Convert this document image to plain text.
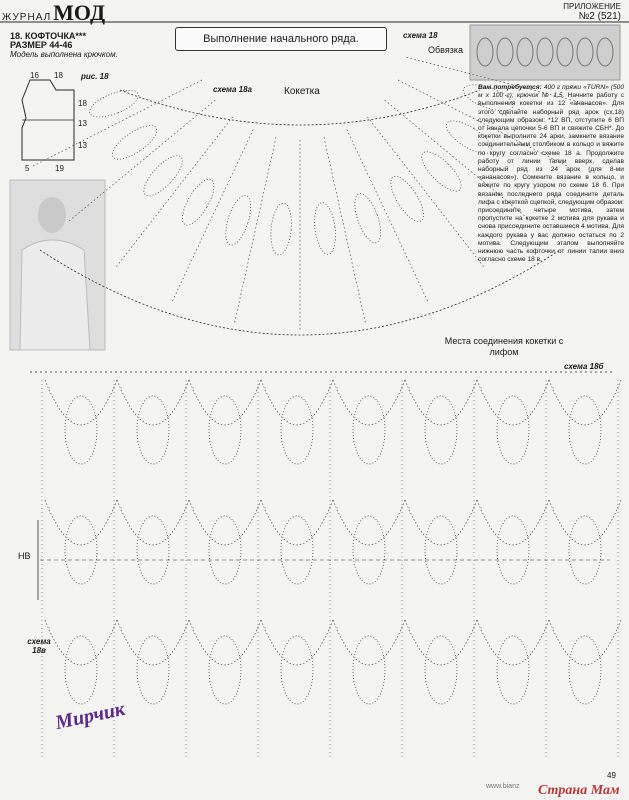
ЖУРНАЛМОД	ПРИЛОЖЕНИЕ
№2 (521)
18. КОФТОЧКА***
РАЗМЕР 44-46
Модель выполнена крючком.
рис. 18
16 18
18
13
13
5	19
Выполнение начального ряда.	схема 18
Обвязка
схема 18а	Кокетка
Места соединения кокетки с лифом
схема 18б
схема 18в
НВ
Вам потребуется: 400 г пряжи «TURN» (500 м х 100 г); крючок № 1,5. Начните работу с выполнения кокетки из 12 «ананасов». Для этого сделайте наборный ряд арок (сх.18) следующим образом: *12 ВП, отступите 6 ВП от начала цепочки 5-6 ВП и свяжите СБН*. До кокетки выполните 24 арки, замкните вязание соединительным столбиком в кольцо и вяжите по кругу согласно схеме 18 а. Продолжите работу от линии талии вверх, сделав наборный ряд из 24 арок (для 8-ми «ананасов»). Сомкните вязание в кольцо, и вяжите по кругу узором по схеме 18 б. При вязании последнего ряда соедините деталь лифа с кокеткой сцепкой, следующим образом: присоедините четыре мотива, затем пропустите на кокетке 2 мотива для рукава и снова присоедините оставшиеся 4 мотива. Для каждого рукава у вас должно остаться по 2 мотива. Следующим этапом выполняйте нижнюю часть кофточки от линии талии вниз согласно схеме 18 в.
Мирчик
Страна Мам
www.bianz
49
